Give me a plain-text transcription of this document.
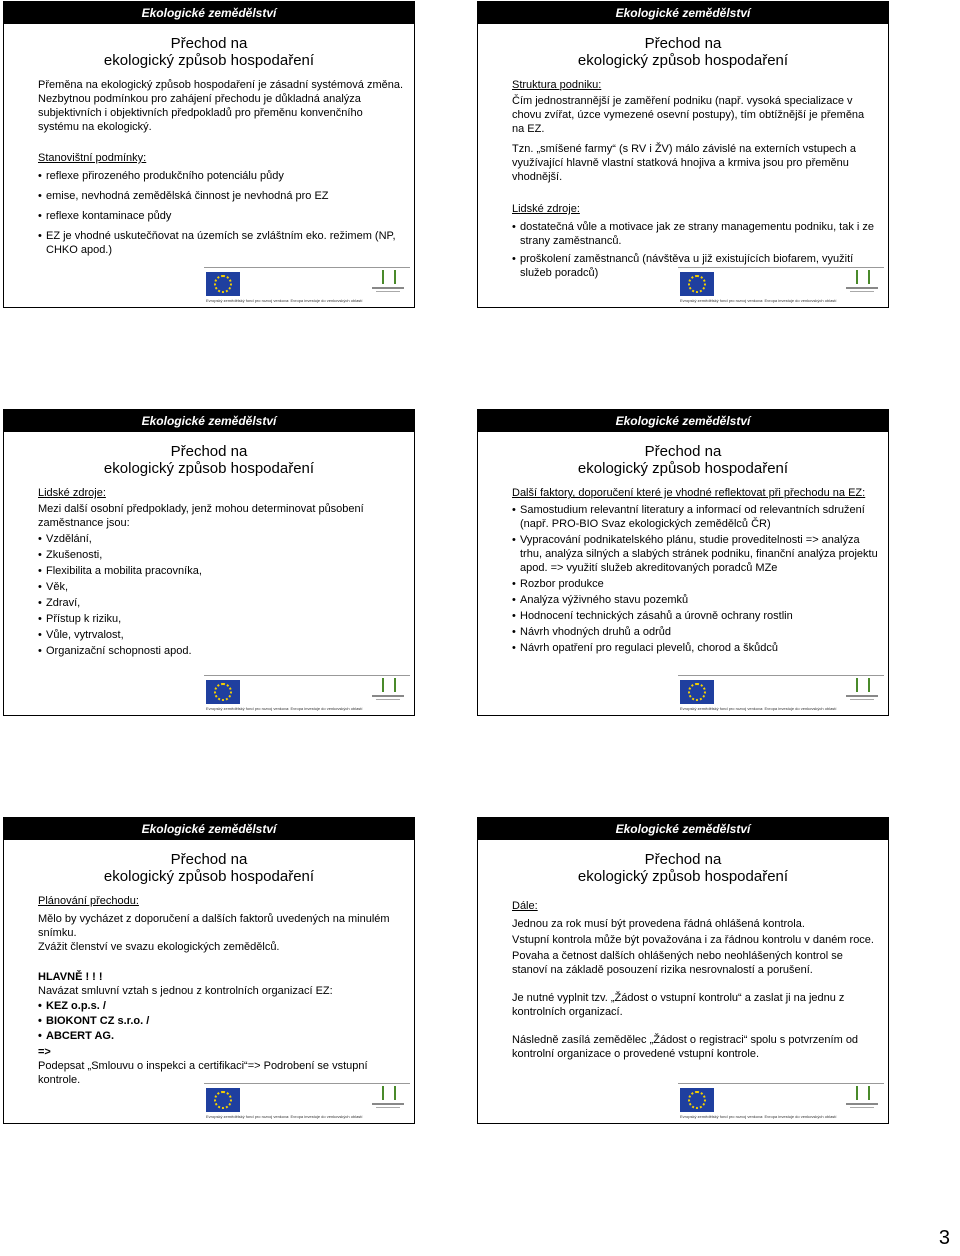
Ekologické zemědělství
Přechod na
ekologický způsob hospodaření

Přeměna na ekologický způsob hospodaření je zásadní systémová změna. Nezbytnou podmínkou pro zahájení přechodu je důkladná analýza subjektivních i objektivních předpokladů pro přeměnu konvenčního systému na ekologický.

Stanovištní podmínky:

• reflexe přirozeného produkčního potenciálu půdy
• emise, nevhodná zemědělská činnost je nevhodná pro EZ
• reflexe kontaminace půdy
• EZ je vhodné uskutečňovat na územích se zvláštním eko. režimem (NP, CHKO apod.)
Evropský zemědělský fond pro rozvoj venkova: Evropa investuje do venkovských oblastí
Ekologické zemědělství
Přechod na
ekologický způsob hospodaření

Struktura podniku:

Čím jednostrannější je zaměření podniku (např. vysoká specializace v chovu zvířat, úzce vymezené osevní postupy), tím obtížnější je přeměna na EZ.

Tzn. „smíšené farmy“ (s RV i ŽV) málo závislé na externích vstupech a využívající hlavně vlastní statková hnojiva a krmiva jsou pro přeměnu vhodnější.

Lidské zdroje:

• dostatečná vůle a motivace jak ze strany managementu podniku, tak i ze strany zaměstnanců.
• proškolení zaměstnanců (návštěva u již existujících biofarem, využití služeb poradců)
Evropský zemědělský fond pro rozvoj venkova: Evropa investuje do venkovských oblastí
Ekologické zemědělství
Přechod na
ekologický způsob hospodaření

Lidské zdroje:

Mezi další osobní předpoklady, jenž mohou determinovat působení zaměstnance jsou:

• Vzdělání,
• Zkušenosti,
• Flexibilita a mobilita pracovníka,
• Věk,
• Zdraví,
• Přístup k riziku,
• Vůle, vytrvalost,
• Organizační schopnosti apod.
Evropský zemědělský fond pro rozvoj venkova: Evropa investuje do venkovských oblastí
Ekologické zemědělství
Přechod na
ekologický způsob hospodaření

Další faktory, doporučení které je vhodné reflektovat při přechodu na EZ:

• Samostudium relevantní literatury a informací od relevantních sdružení (např. PRO-BIO Svaz ekologických zemědělců ČR)
• Vypracování podnikatelského plánu, studie proveditelnosti => analýza trhu, analýza silných a slabých stránek podniku, finanční analýza projektu apod. => využití služeb akreditovaných poradců MZe
• Rozbor produkce
• Analýza výživného stavu pozemků
• Hodnocení technických zásahů a úrovně ochrany rostlin
• Návrh vhodných druhů a odrůd
• Návrh opatření pro regulaci plevelů, chorod a škůdců
Evropský zemědělský fond pro rozvoj venkova: Evropa investuje do venkovských oblastí
Ekologické zemědělství
Přechod na
ekologický způsob hospodaření

Plánování přechodu:

Mělo by vycházet z doporučení a dalších faktorů uvedených na minulém snímku.

Zvážit členství ve svazu ekologických zemědělců.

HLAVNĚ ! ! !

Navázat smluvní vztah s jednou z kontrolních organizací EZ:

• KEZ o.p.s. /
• BIOKONT CZ s.r.o. /
• ABCERT AG.

=>

Podepsat „Smlouvu o inspekci a certifikaci“=> Podrobení se vstupní kontrole.

Evropský zemědělský fond pro rozvoj venkova: Evropa investuje do venkovských oblastí
Ekologické zemědělství
Přechod na
ekologický způsob hospodaření

Dále:

Jednou za rok musí být provedena řádná ohlášená kontrola.

Vstupní kontrola může být považována i za řádnou kontrolu v daném roce.

Povaha a četnost dalších ohlášených nebo neohlášených kontrol se stanoví na základě posouzení rizika nesrovnalostí a porušení.

Je nutné vyplnit tzv. „Žádost o vstupní kontrolu“ a zaslat ji na jednu z kontrolních organizací.

Následně zasílá zemědělec „Žádost o registraci“ spolu s potvrzením od kontrolní organizace o provedené vstupní kontrole.

Evropský zemědělský fond pro rozvoj venkova: Evropa investuje do venkovských oblastí
3
